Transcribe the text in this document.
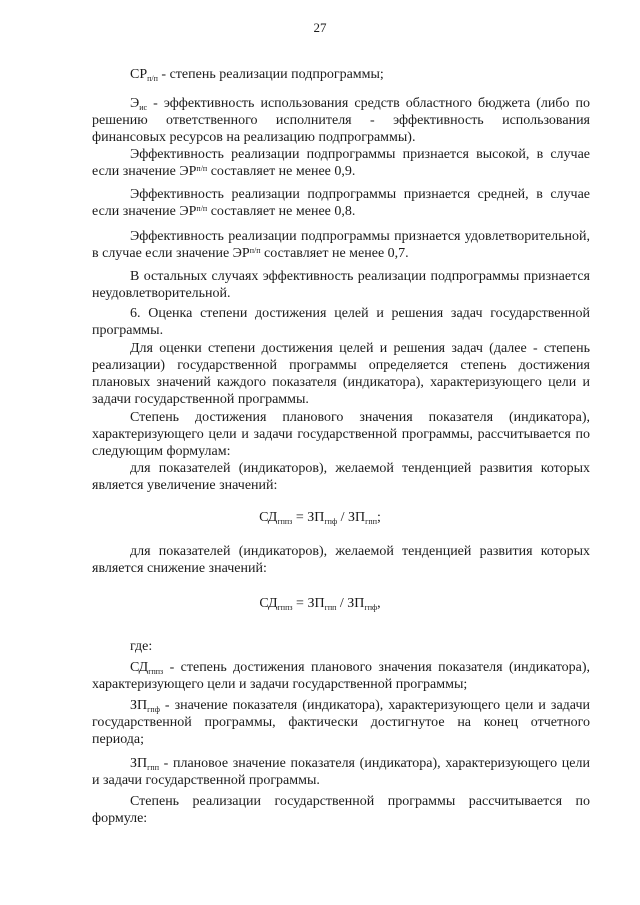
27
$СР_{п/п}$ - степень реализации подпрограммы;
$Э_{ис}$ - эффективность использования средств областного бюджета (либо по решению ответственного исполнителя - эффективность использования финансовых ресурсов на реализацию подпрограммы).
Эффективность реализации подпрограммы признается высокой, в случае если значение $ЭР^{п/п}$ составляет не менее 0,9.
Эффективность реализации подпрограммы признается средней, в случае если значение $ЭР^{п/п}$ составляет не менее 0,8.
Эффективность реализации подпрограммы признается удовлетворительной, в случае если значение $ЭР^{п/п}$ составляет не менее 0,7.
В остальных случаях эффективность реализации подпрограммы признается неудовлетворительной.
6. Оценка степени достижения целей и решения задач государственной программы.
Для оценки степени достижения целей и решения задач (далее - степень реализации) государственной программы определяется степень достижения плановых значений каждого показателя (индикатора), характеризующего цели и задачи государственной программы.
Степень достижения планового значения показателя (индикатора), характеризующего цели и задачи государственной программы, рассчитывается по следующим формулам:
для показателей (индикаторов), желаемой тенденцией развития которых является увеличение значений:
$СД_{гппз} = ЗП_{гпф} / ЗП_{гпп}$;
для показателей (индикаторов), желаемой тенденцией развития которых является снижение значений:
$СД_{гппз} = ЗП_{гпп} / ЗП_{гпф}$,
где:
$СД_{гппз}$ - степень достижения планового значения показателя (индикатора), характеризующего цели и задачи государственной программы;
$ЗП_{гпф}$ - значение показателя (индикатора), характеризующего цели и задачи государственной программы, фактически достигнутое на конец отчетного периода;
$ЗП_{гпп}$ - плановое значение показателя (индикатора), характеризующего цели и задачи государственной программы.
Степень реализации государственной программы рассчитывается по формуле:
